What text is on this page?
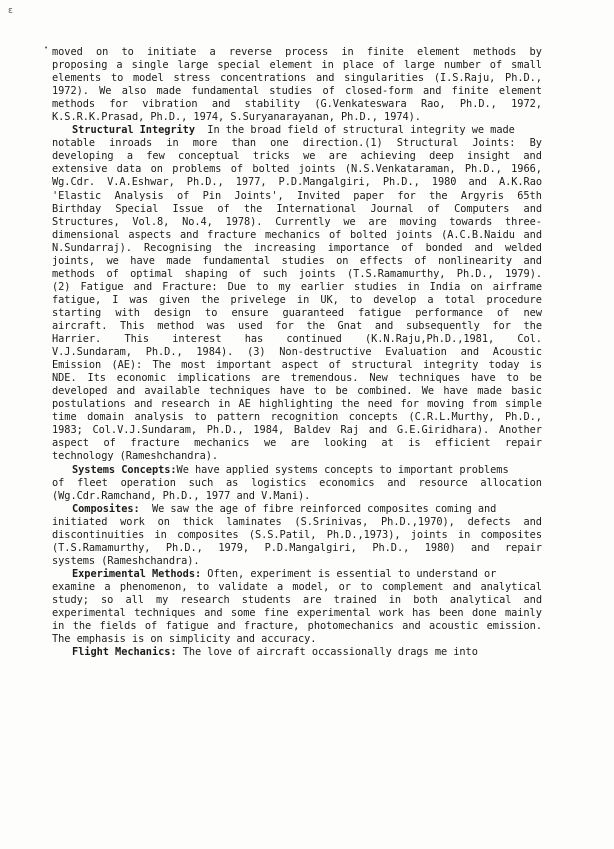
ε
• moved on to initiate a reverse process in finite element methods by
proposing a single large special element in place of large number of small
elements to model stress concentrations and singularities (I.S.Raju, Ph.D.,
1972). We also made fundamental studies of closed-form and finite element
methods for vibration and stability (G.Venkateswara Rao, Ph.D., 1972,
K.S.R.K.Prasad, Ph.D., 1974, S.Suryanarayanan, Ph.D., 1974).
Structural Integrity In the broad field of structural integrity we made
notable inroads in more than one direction.(1) Structural Joints: By
developing a few conceptual tricks we are achieving deep insight and
extensive data on problems of bolted joints (N.S.Venkataraman, Ph.D., 1966,
Wg.Cdr. V.A.Eshwar, Ph.D., 1977, P.D.Mangalgiri, Ph.D., 1980 and A.K.Rao
'Elastic Analysis of Pin Joints', Invited paper for the Argyris 65th
Birthday Special Issue of the International Journal of Computers and
Structures, Vol.8, No.4, 1978). Currently we are moving towards three-
dimensional aspects and fracture mechanics of bolted joints (A.C.B.Naidu and
N.Sundarraj). Recognising the increasing importance of bonded and welded
joints, we have made fundamental studies on effects of nonlinearity and
methods of optimal shaping of such joints (T.S.Ramamurthy, Ph.D., 1979).
(2) Fatigue and Fracture: Due to my earlier studies in India on airframe
fatigue, I was given the privelege in UK, to develop a total procedure
starting with design to ensure guaranteed fatigue performance of new
aircraft. This method was used for the Gnat and subsequently for the
Harrier. This interest has continued (K.N.Raju,Ph.D.,1981, Col.
V.J.Sundaram, Ph.D., 1984). (3) Non-destructive Evaluation and Acoustic
Emission (AE): The most important aspect of structural integrity today is
NDE. Its economic implications are tremendous. New techniques have to be
developed and available techniques have to be combined. We have made basic
postulations and research in AE highlighting the need for moving from simple
time domain analysis to pattern recognition concepts (C.R.L.Murthy, Ph.D.,
1983; Col.V.J.Sundaram, Ph.D., 1984, Baldev Raj and G.E.Giridhara). Another
aspect of fracture mechanics we are looking at is efficient repair
technology (Rameshchandra).
Systems Concepts: We have applied systems concepts to important problems
of fleet operation such as logistics economics and resource allocation
(Wg.Cdr.Ramchand, Ph.D., 1977 and V.Mani).
Composites: We saw the age of fibre reinforced composites coming and
initiated work on thick laminates (S.Srinivas, Ph.D.,1970), defects and
discontinuities in composites (S.S.Patil, Ph.D.,1973), joints in composites
(T.S.Ramamurthy, Ph.D., 1979, P.D.Mangalgiri, Ph.D., 1980) and repair
systems (Rameshchandra).
Experimental Methods: Often, experiment is essential to understand or
examine a phenomenon, to validate a model, or to complement and analytical
study; so all my research students are trained in both analytical and
experimental techniques and some fine experimental work has been done mainly
in the fields of fatigue and fracture, photomechanics and acoustic emission.
The emphasis is on simplicity and accuracy.
Flight Mechanics: The love of aircraft occassionally drags me into
